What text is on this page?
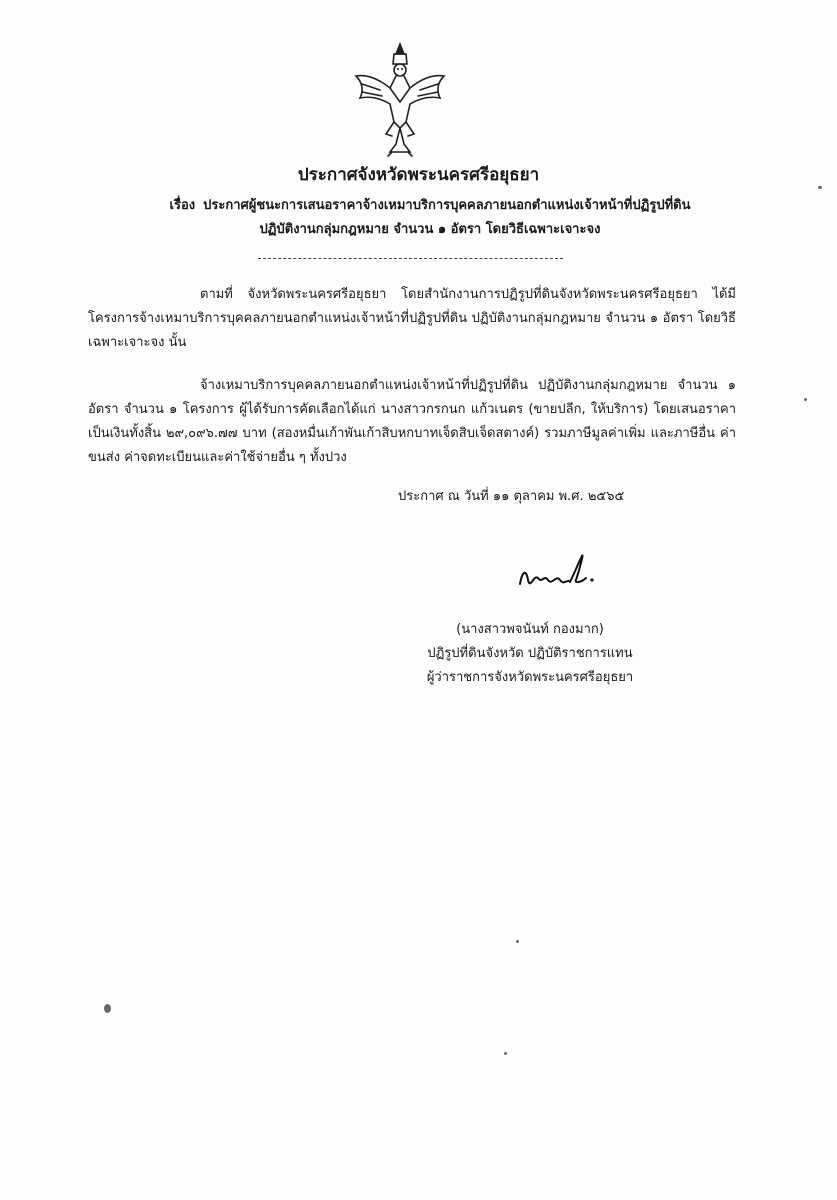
ประกาศจังหวัดพระนครศรีอยุธยา
เรื่อง ประกาศผู้ชนะการเสนอราคาจ้างเหมาบริการบุคคลภายนอกตำแหน่งเจ้าหน้าที่ปฏิรูปที่ดิน
ปฏิบัติงานกลุ่มกฎหมาย จำนวน ๑ อัตรา โดยวิธีเฉพาะเจาะจง
ตามที่ จังหวัดพระนครศรีอยุธยา โดยสำนักงานการปฏิรูปที่ดินจังหวัดพระนครศรีอยุธยา ได้มีโครงการจ้างเหมาบริการบุคคลภายนอกตำแหน่งเจ้าหน้าที่ปฏิรูปที่ดิน ปฏิบัติงานกลุ่มกฎหมาย จำนวน ๑ อัตรา โดยวิธีเฉพาะเจาะจง นั้น
จ้างเหมาบริการบุคคลภายนอกตำแหน่งเจ้าหน้าที่ปฏิรูปที่ดิน ปฏิบัติงานกลุ่มกฎหมาย จำนวน ๑ อัตรา จำนวน ๑ โครงการ ผู้ได้รับการคัดเลือกได้แก่ นางสาวกรกนก แก้วเนตร (ขายปลีก, ให้บริการ) โดยเสนอราคาเป็นเงินทั้งสิ้น ๒๙,๐๙๖.๗๗ บาท (สองหมื่นเก้าพันเก้าสิบหกบาทเจ็ดสิบเจ็ดสตางค์) รวมภาษีมูลค่าเพิ่ม และภาษีอื่น ค่าขนส่ง ค่าจดทะเบียนและค่าใช้จ่ายอื่น ๆ ทั้งปวง
ประกาศ ณ วันที่ ๑๑ ตุลาคม พ.ศ. ๒๕๖๕
(นางสาวพจนันท์ กองมาก)
ปฏิรูปที่ดินจังหวัด ปฏิบัติราชการแทน
ผู้ว่าราชการจังหวัดพระนครศรีอยุธยา
